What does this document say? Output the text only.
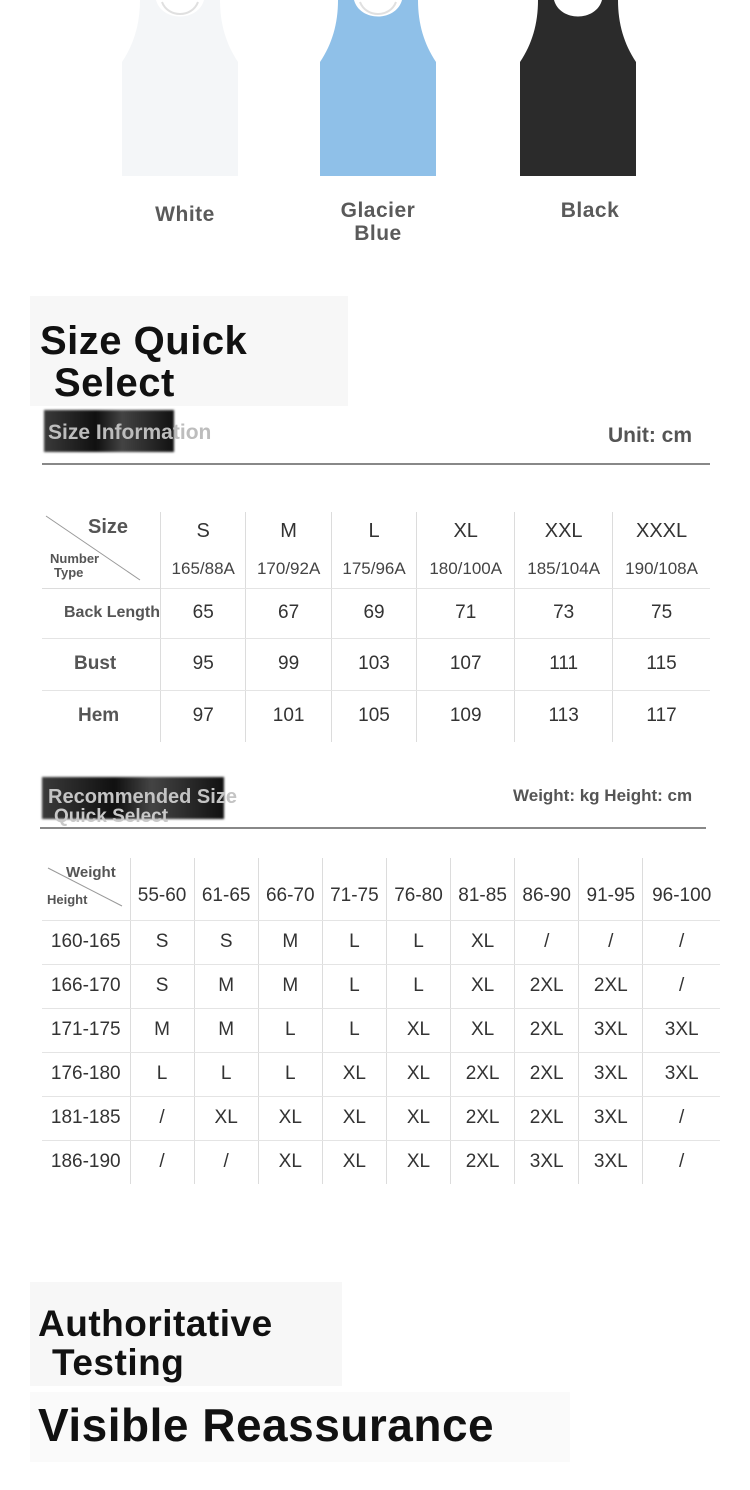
White	Glacier
Blue
Black
Size Quick
Select
Size Information	Unit: cm
Size
Number
Type	S	M	L	XL	XXL	XXXL
	165/88A	170/92A	175/96A	180/100A	185/104A	190/108A
Back Length	65	67	69	71	73	75
Bust	95	99	103	107	111	115
Hem	97	101	105	109	113	117
Recommended Size
Quick Select
Weight: kg Height: cm
Weight
Height	55-60	61-65	66-70	71-75	76-80	81-85	86-90	91-95	96-100
160-165	S	S	M	L	L	XL	/	/	/
166-170	S	M	M	L	L	XL	2XL	2XL	/
171-175	M	M	L	L	XL	XL	2XL	3XL	3XL
176-180	L	L	L	XL	XL	2XL	2XL	3XL	3XL
181-185	/	XL	XL	XL	XL	2XL	2XL	3XL	/
186-190	/	/	XL	XL	XL	2XL	3XL	3XL	/
Authoritative
Testing
Visible Reassurance
